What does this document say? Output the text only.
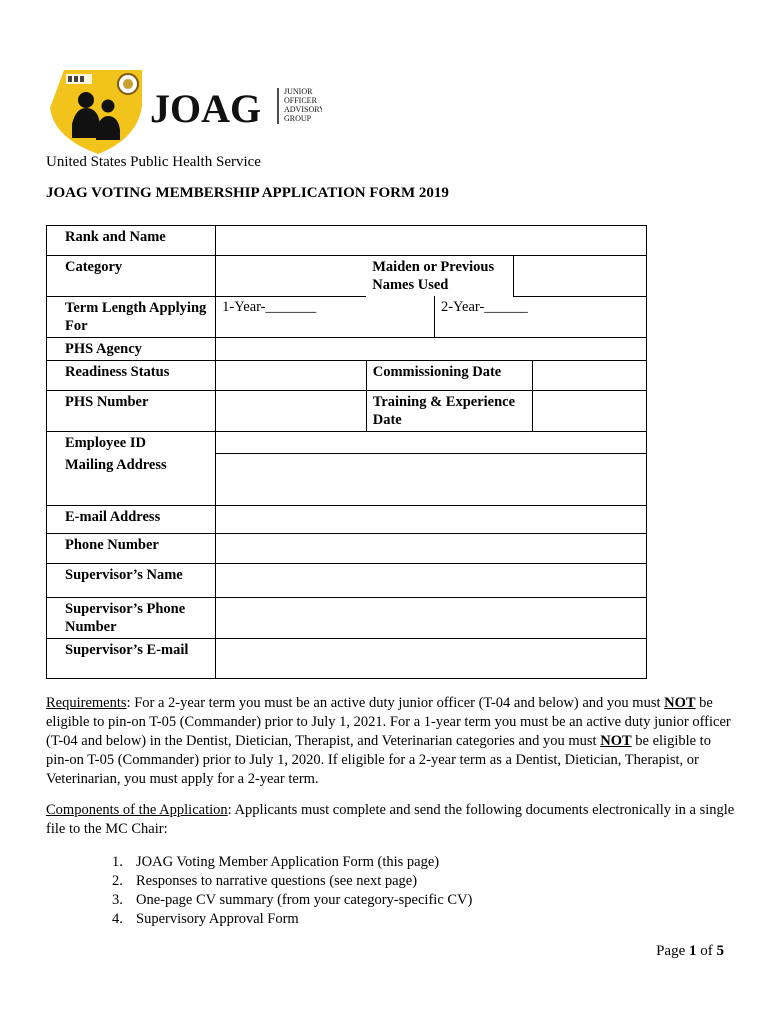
JOAG	JUNIOR
OFFICER
ADVISORY
GROUP
United States Public Health Service
JOAG VOTING MEMBERSHIP APPLICATION FORM 2019
Rank and Name					
Category		Maiden or Previous Names Used			
Term Length Applying For	1-Year-_______		2-Year-______		
PHS Agency					
Readiness Status		Commissioning Date			
PHS Number		Training & Experience Date			
Employee ID					
Mailing Address					
E-mail Address					
Phone Number					
Supervisor’s Name					
Supervisor’s Phone Number					
Supervisor’s E-mail					
Requirements: For a 2-year term you must be an active duty junior officer (T-04 and below) and you must NOT be eligible to pin-on T-05 (Commander) prior to July 1, 2021. For a 1-year term you must be an active duty junior officer (T-04 and below) in the Dentist, Dietician, Therapist, and Veterinarian categories and you must NOT be eligible to pin-on T-05 (Commander) prior to July 1, 2020. If eligible for a 2-year term as a Dentist, Dietician, Therapist, or Veterinarian, you must apply for a 2-year term.
Components of the Application: Applicants must complete and send the following documents electronically in a single file to the MC Chair:
1. JOAG Voting Member Application Form (this page)
2. Responses to narrative questions (see next page)
3. One-page CV summary (from your category-specific CV)
4. Supervisory Approval Form
Page 1 of 5
